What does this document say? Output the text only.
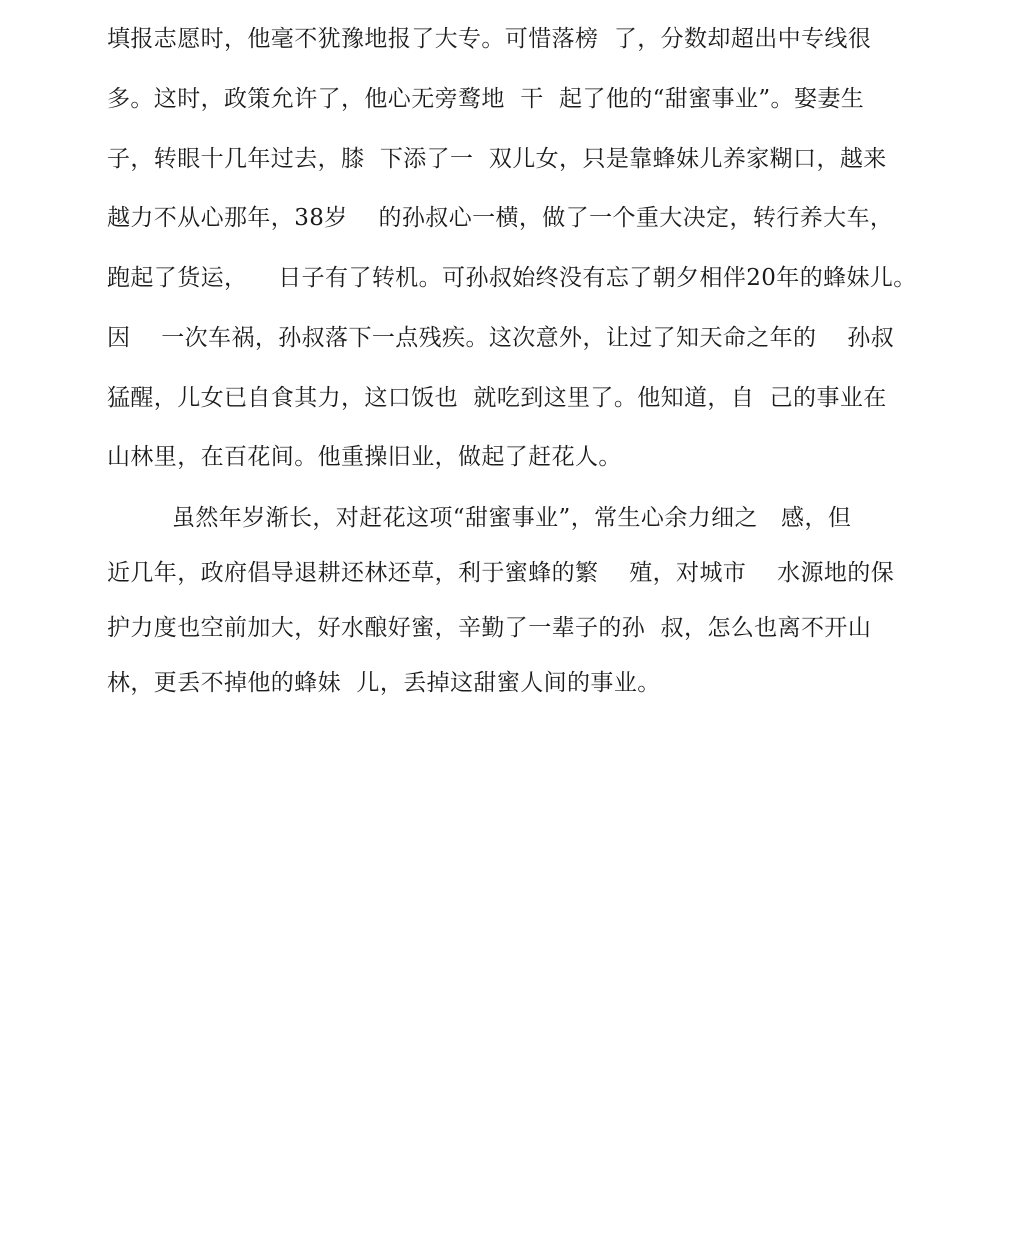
填报志愿时，他毫不犹豫地报了大专。可惜落榜  了，分数却超出中专线很
多。这时，政策允许了，他心无旁鹜地  干  起了他的“甜蜜事业”。娶妻生
子，转眼十几年过去，膝  下添了一  双儿女，只是靠蜂妹儿养家糊口，越来
越力不从心那年，38岁    的孙叔心一横，做了一个重大决定，转行养大车，
跑起了货运，    日子有了转机。可孙叔始终没有忘了朝夕相伴20年的蜂妹儿。
因    一次车祸，孙叔落下一点残疾。这次意外，让过了知天命之年的    孙叔
猛醒，儿女已自食其力，这口饭也  就吃到这里了。他知道，自  己的事业在
山林里，在百花间。他重操旧业，做起了赶花人。
虽然年岁渐长，对赶花这项“甜蜜事业”，常生心余力细之   感，但
近几年，政府倡导退耕还林还草，利于蜜蜂的繁    殖，对城市    水源地的保
护力度也空前加大，好水酿好蜜，辛勤了一辈子的孙  叔，怎么也离不开山
林，更丢不掉他的蜂妹  儿，丢掉这甜蜜人间的事业。
